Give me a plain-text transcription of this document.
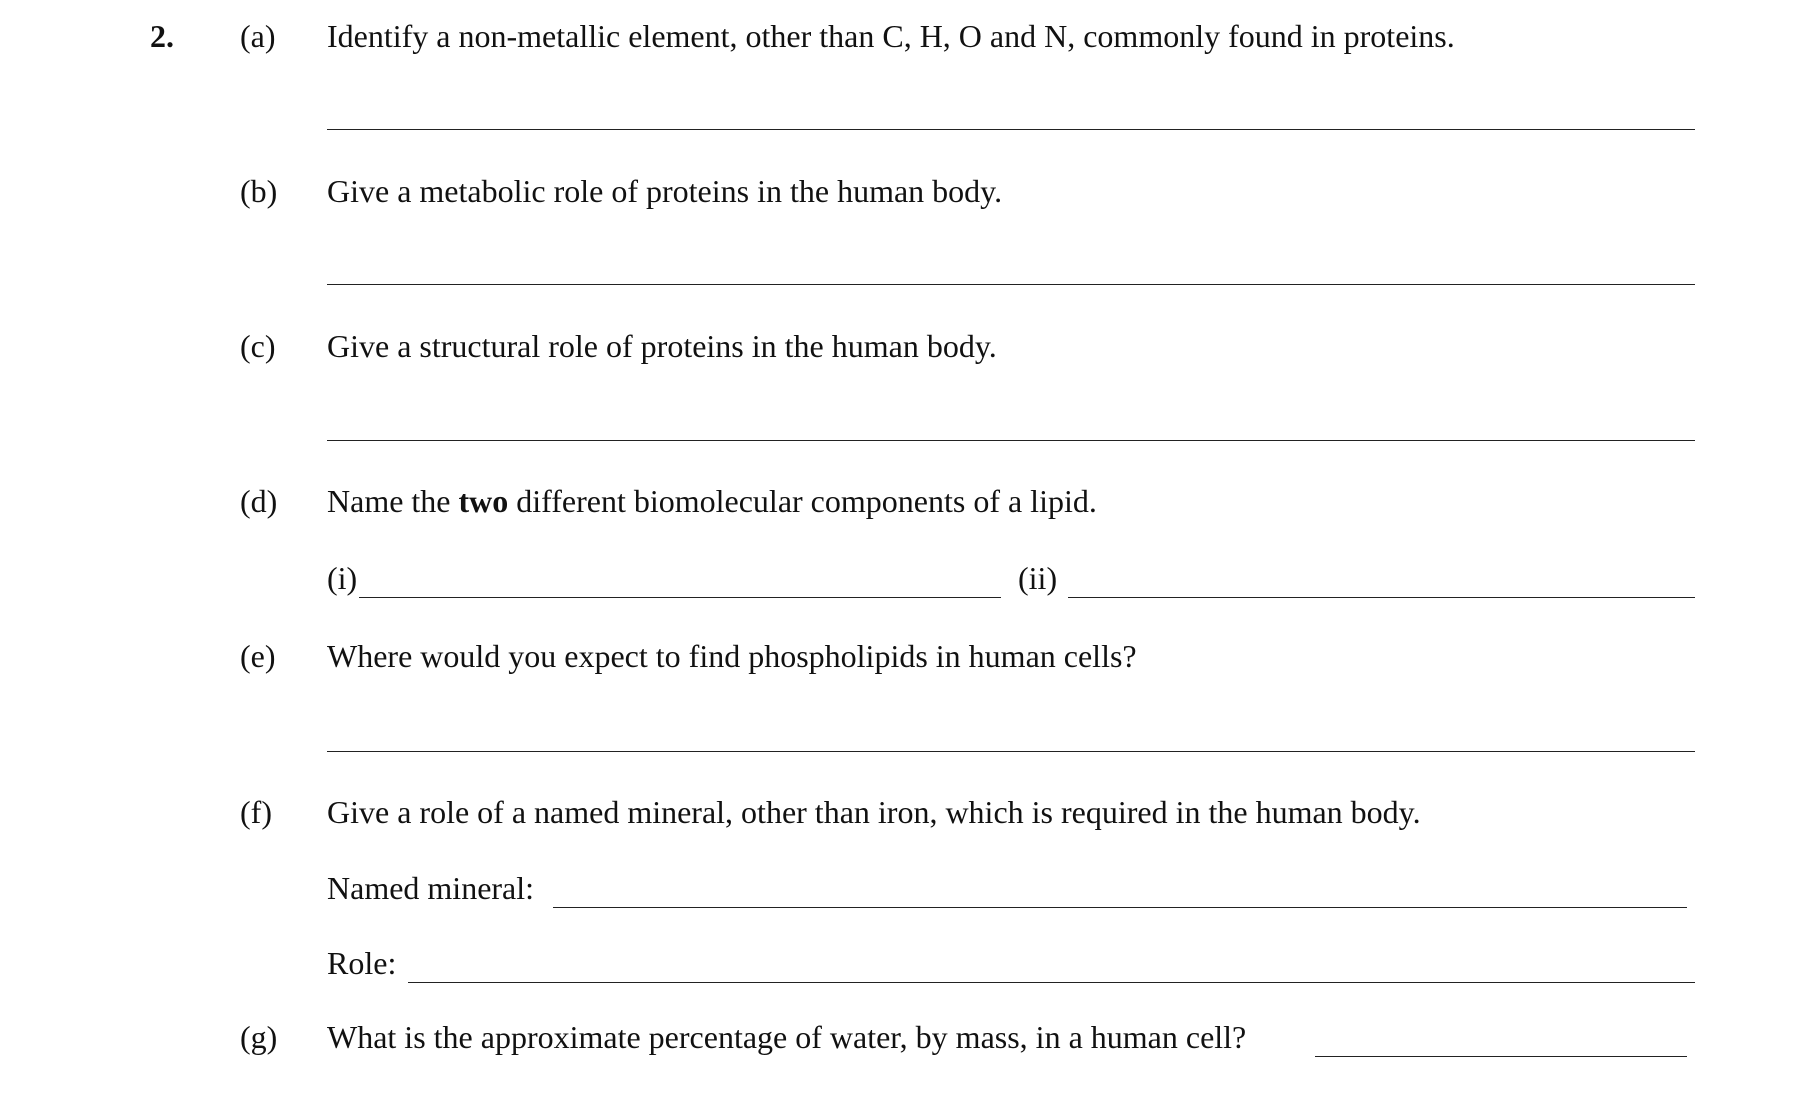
2. (a) Identify a non-metallic element, other than C, H, O and N, commonly found in proteins.
(b) Give a metabolic role of proteins in the human body.
(c) Give a structural role of proteins in the human body.
(d) Name the two different biomolecular components of a lipid.
(i)	(ii)
(e) Where would you expect to find phospholipids in human cells?
(f) Give a role of a named mineral, other than iron, which is required in the human body.
Named mineral:
Role:
(g) What is the approximate percentage of water, by mass, in a human cell?
